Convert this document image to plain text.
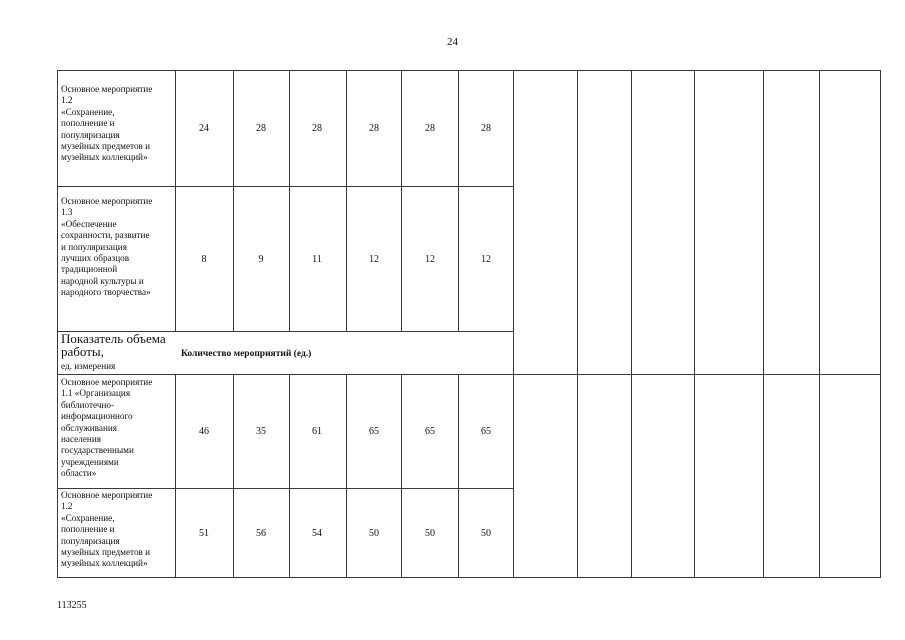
24
Основное мероприятие
1.2
«Сохранение,
пополнение и
популяризация
музейных предметов и
музейных коллекций»
24	28	28	28	28	28
Основное мероприятие
1.3
«Обеспечение
сохранности, развитие
и популяризация
лучших образцов
традиционной
народной культуры и
народного творчества»
8	9	11	12	12	12
Показатель объема работы,
ед. измерения
Количество мероприятий (ед.)
Основное мероприятие
1.1 «Организация
библиотечно-
информационного
обслуживания
населения
государственными
учреждениями
области»
46	35	61	65	65	65
Основное мероприятие
1.2
«Сохранение,
пополнение и
популяризация
музейных предметов и
музейных коллекций»
51	56	54	50	50	50
113255
